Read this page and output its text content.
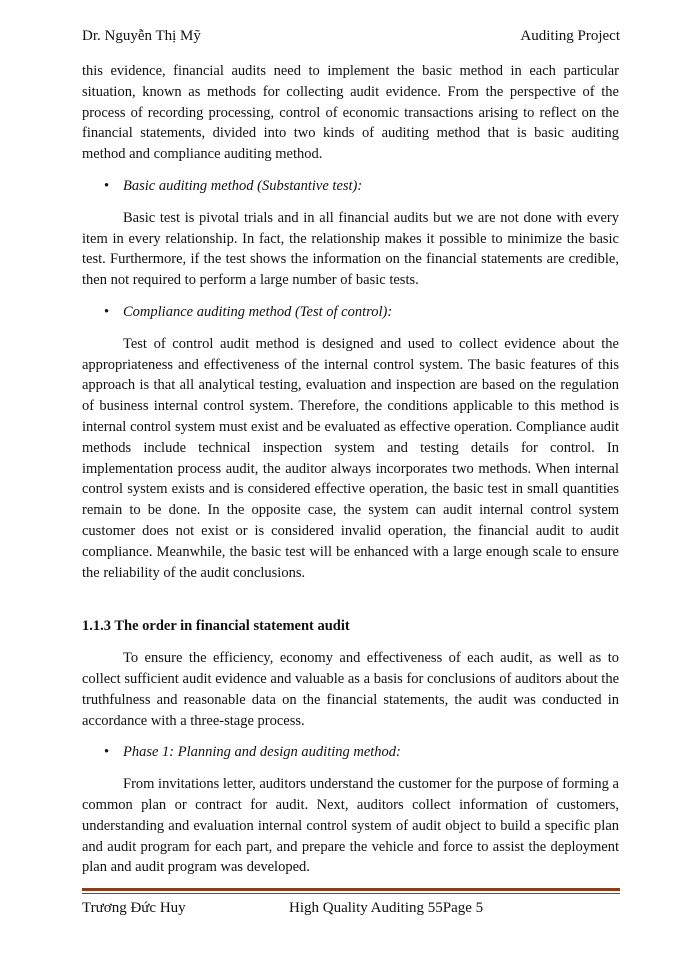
Dr. Nguyễn Thị Mỹ	Auditing Project

this evidence, financial audits need to implement the basic method in each particular situation, known as methods for collecting audit evidence. From the perspective of the process of recording processing, control of economic transactions arising to reflect on the financial statements, divided into two kinds of auditing method that is basic auditing method and compliance auditing method.

• Basic auditing method (Substantive test):

Basic test is pivotal trials and in all financial audits but we are not done with every item in every relationship. In fact, the relationship makes it possible to minimize the basic test. Furthermore, if the test shows the information on the financial statements are credible, then not required to perform a large number of basic tests.

• Compliance auditing method (Test of control):

Test of control audit method is designed and used to collect evidence about the appropriateness and effectiveness of the internal control system. The basic features of this approach is that all analytical testing, evaluation and inspection are based on the regulation of business internal control system. Therefore, the conditions applicable to this method is internal control system must exist and be evaluated as effective operation. Compliance audit methods include technical inspection system and testing details for control. In implementation process audit, the auditor always incorporates two methods. When internal control system exists and is considered effective operation, the basic test in small quantities remain to be done. In the opposite case, the system can audit internal control system customer does not exist or is considered invalid operation, the financial audit to audit compliance. Meanwhile, the basic test will be enhanced with a large enough scale to ensure the reliability of the audit conclusions.

1.1.3 The order in financial statement audit

To ensure the efficiency, economy and effectiveness of each audit, as well as to collect sufficient audit evidence and valuable as a basis for conclusions of auditors about the truthfulness and reasonable data on the financial statements, the audit was conducted in accordance with a three-stage process.

• Phase 1: Planning and design auditing method:

From invitations letter, auditors understand the customer for the purpose of forming a common plan or contract for audit. Next, auditors collect information of customers, understanding and evaluation internal control system of audit object to build a specific plan and audit program for each part, and prepare the vehicle and force to assist the deployment plan and audit program was developed.

Trương Đức Huy	High Quality Auditing 55Page 5
